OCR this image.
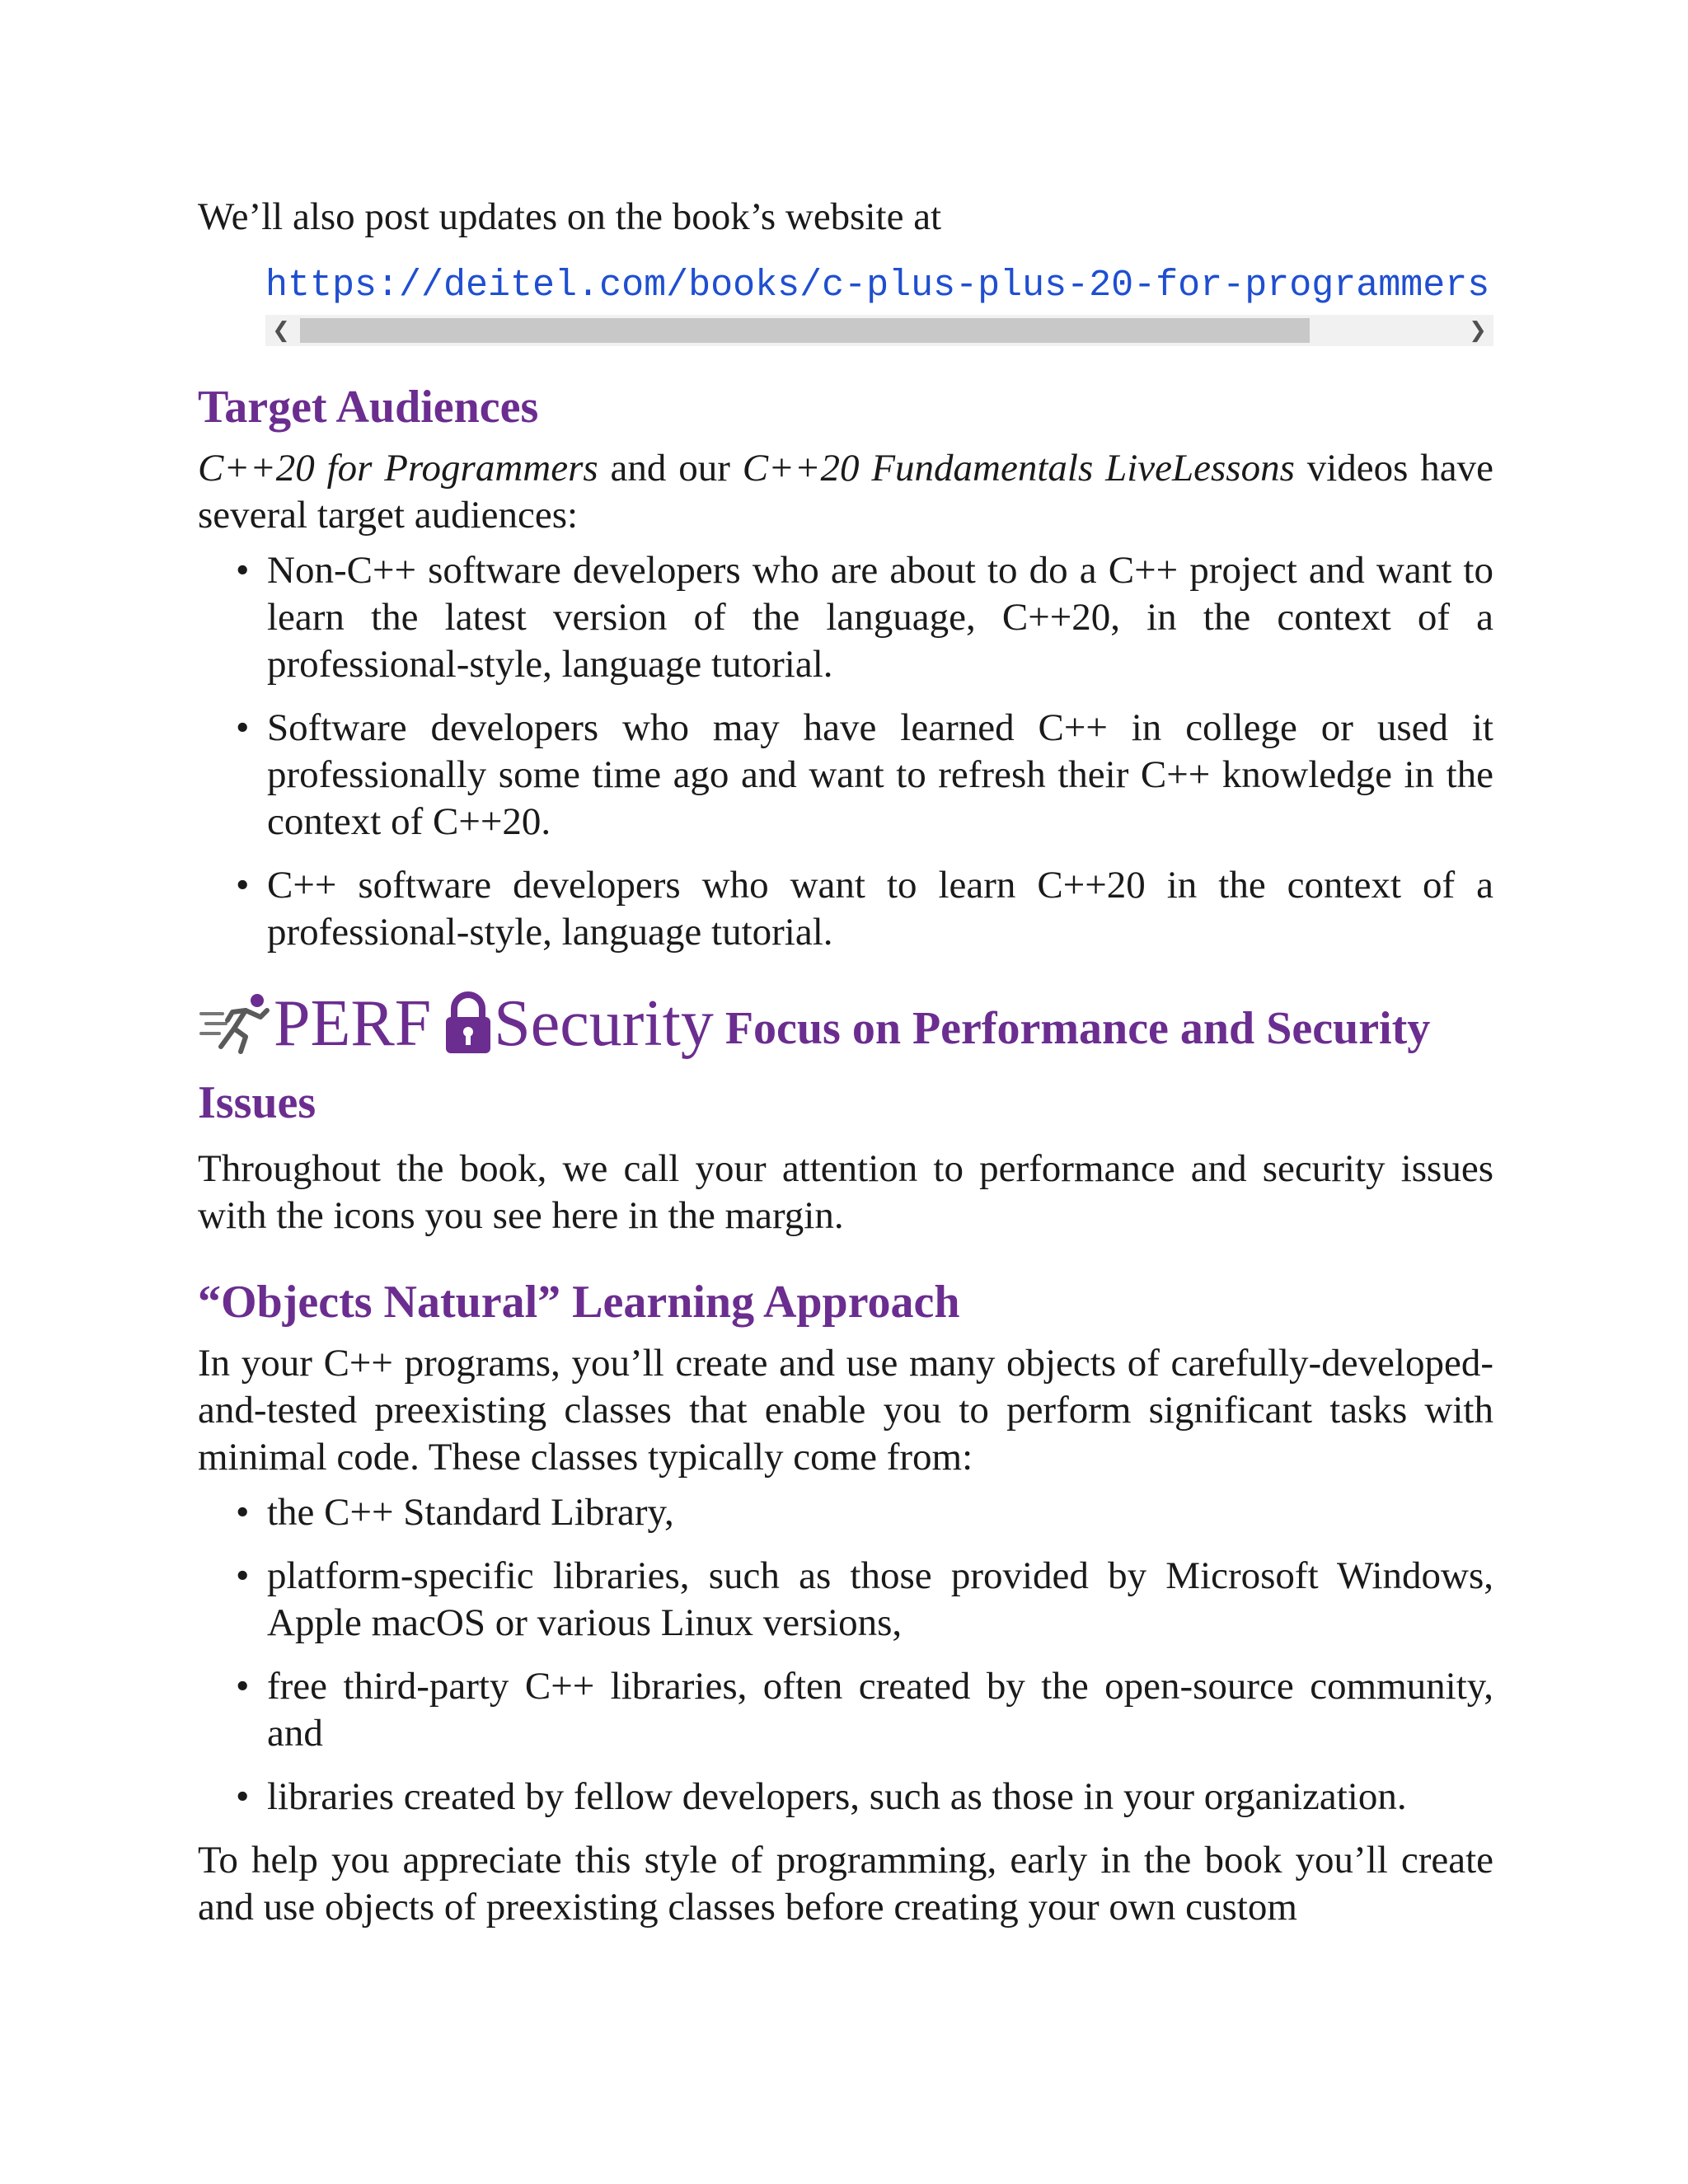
We’ll also post updates on the book’s website at

https://deitel.com/books/c-plus-plus-20-for-programmers
❮	❯
Target Audiences

C++20 for Programmers and our C++20 Fundamentals LiveLessons videos have several target audiences:

• Non-C++ software developers who are about to do a C++ project and want to learn the latest version of the language, C++20, in the context of a professional-style, language tutorial.
• Software developers who may have learned C++ in college or used it professionally some time ago and want to refresh their C++ knowledge in the context of C++20.
• C++ software developers who want to learn C++20 in the context of a professional-style, language tutorial.
PERF Security Focus on Performance and Security Issues

Throughout the book, we call your attention to performance and security issues with the icons you see here in the margin.

“Objects Natural” Learning Approach

In your C++ programs, you’ll create and use many objects of carefully-developed-and-tested preexisting classes that enable you to perform significant tasks with minimal code. These classes typically come from:

• the C++ Standard Library,
• platform-specific libraries, such as those provided by Microsoft Windows, Apple macOS or various Linux versions,
• free third-party C++ libraries, often created by the open-source community, and
• libraries created by fellow developers, such as those in your organization.

To help you appreciate this style of programming, early in the book you’ll create and use objects of preexisting classes before creating your own custom
